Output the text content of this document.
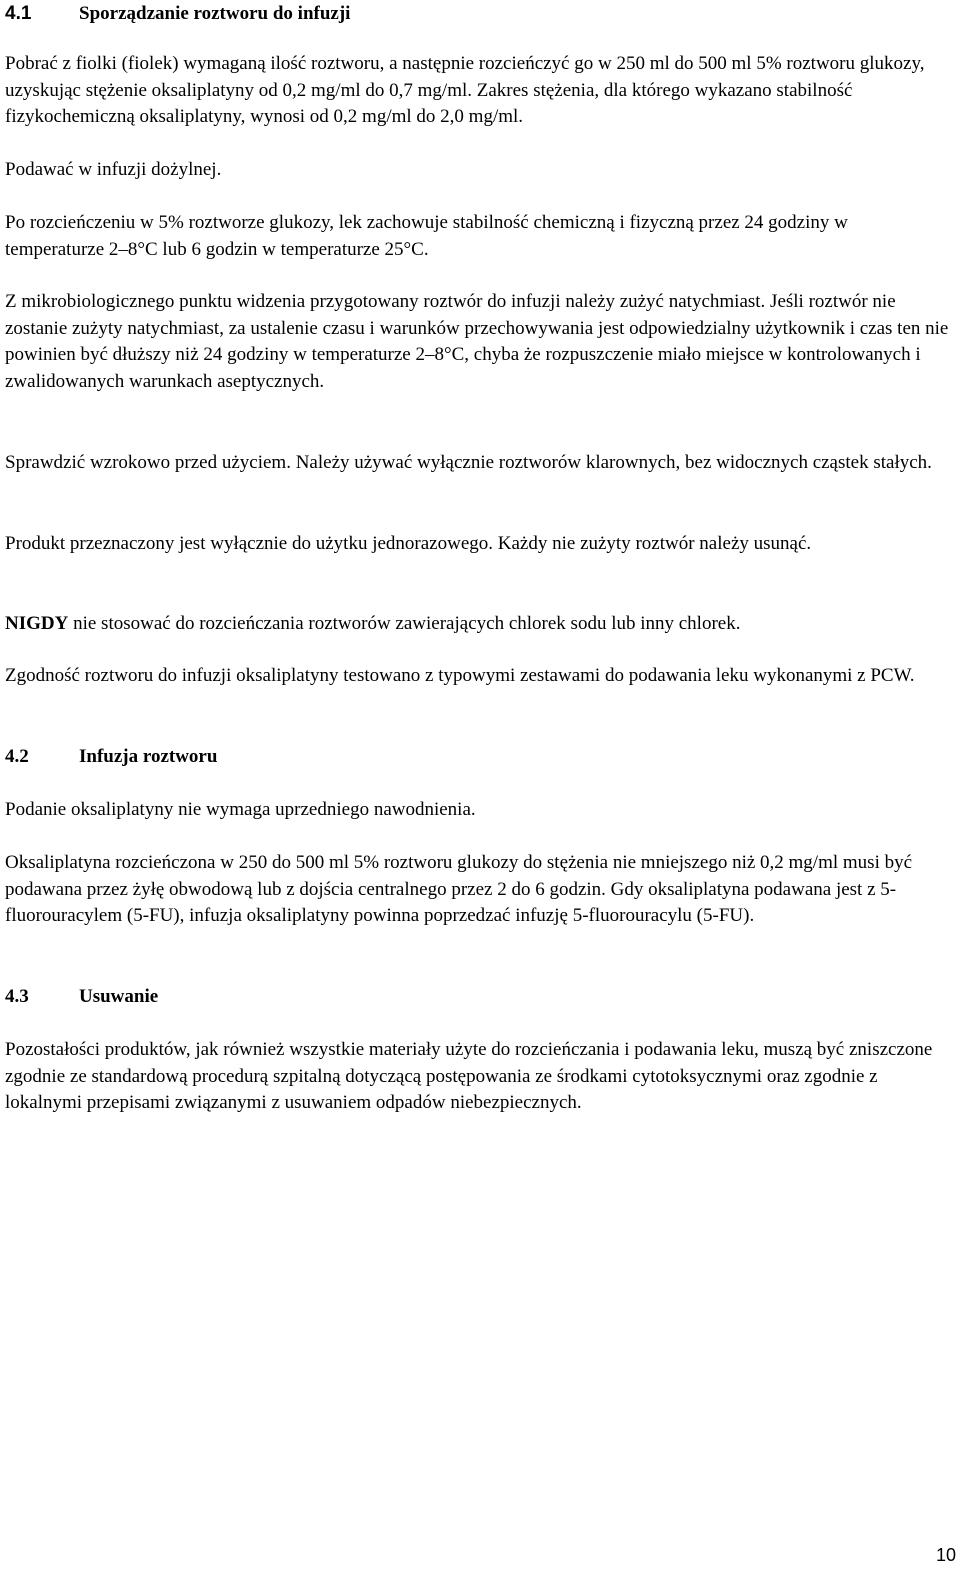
4.1	Sporządzanie roztworu do infuzji

Pobrać z fiolki (fiolek) wymaganą ilość roztworu, a następnie rozcieńczyć go w 250 ml do 500 ml 5% roztworu glukozy, uzyskując stężenie oksaliplatyny od 0,2 mg/ml do 0,7 mg/ml. Zakres stężenia, dla którego wykazano stabilność fizykochemiczną oksaliplatyny, wynosi od 0,2 mg/ml do 2,0 mg/ml.

Podawać w infuzji dożylnej.

Po rozcieńczeniu w 5% roztworze glukozy, lek zachowuje stabilność chemiczną i fizyczną przez 24 godziny w temperaturze 2–8°C lub 6 godzin w temperaturze 25°C.

Z mikrobiologicznego punktu widzenia przygotowany roztwór do infuzji należy zużyć natychmiast. Jeśli roztwór nie zostanie zużyty natychmiast, za ustalenie czasu i warunków przechowywania jest odpowiedzialny użytkownik i czas ten nie powinien być dłuższy niż 24 godziny w temperaturze 2–8°C, chyba że rozpuszczenie miało miejsce w kontrolowanych i zwalidowanych warunkach aseptycznych.

Sprawdzić wzrokowo przed użyciem. Należy używać wyłącznie roztworów klarownych, bez widocznych cząstek stałych.

Produkt przeznaczony jest wyłącznie do użytku jednorazowego. Każdy nie zużyty roztwór należy usunąć.

NIGDY nie stosować do rozcieńczania roztworów zawierających chlorek sodu lub inny chlorek.

Zgodność roztworu do infuzji oksaliplatyny testowano z typowymi zestawami do podawania leku wykonanymi z PCW.

4.2	Infuzja roztworu

Podanie oksaliplatyny nie wymaga uprzedniego nawodnienia.

Oksaliplatyna rozcieńczona w 250 do 500 ml 5% roztworu glukozy do stężenia nie mniejszego niż 0,2 mg/ml musi być podawana przez żyłę obwodową lub z dojścia centralnego przez 2 do 6 godzin. Gdy oksaliplatyna podawana jest z 5-fluorouracylem (5-FU), infuzja oksaliplatyny powinna poprzedzać infuzję 5-fluorouracylu (5-FU).

4.3	Usuwanie

Pozostałości produktów, jak również wszystkie materiały użyte do rozcieńczania i podawania leku, muszą być zniszczone zgodnie ze standardową procedurą szpitalną dotyczącą postępowania ze środkami cytotoksycznymi oraz zgodnie z lokalnymi przepisami związanymi z usuwaniem odpadów niebezpiecznych.

10
